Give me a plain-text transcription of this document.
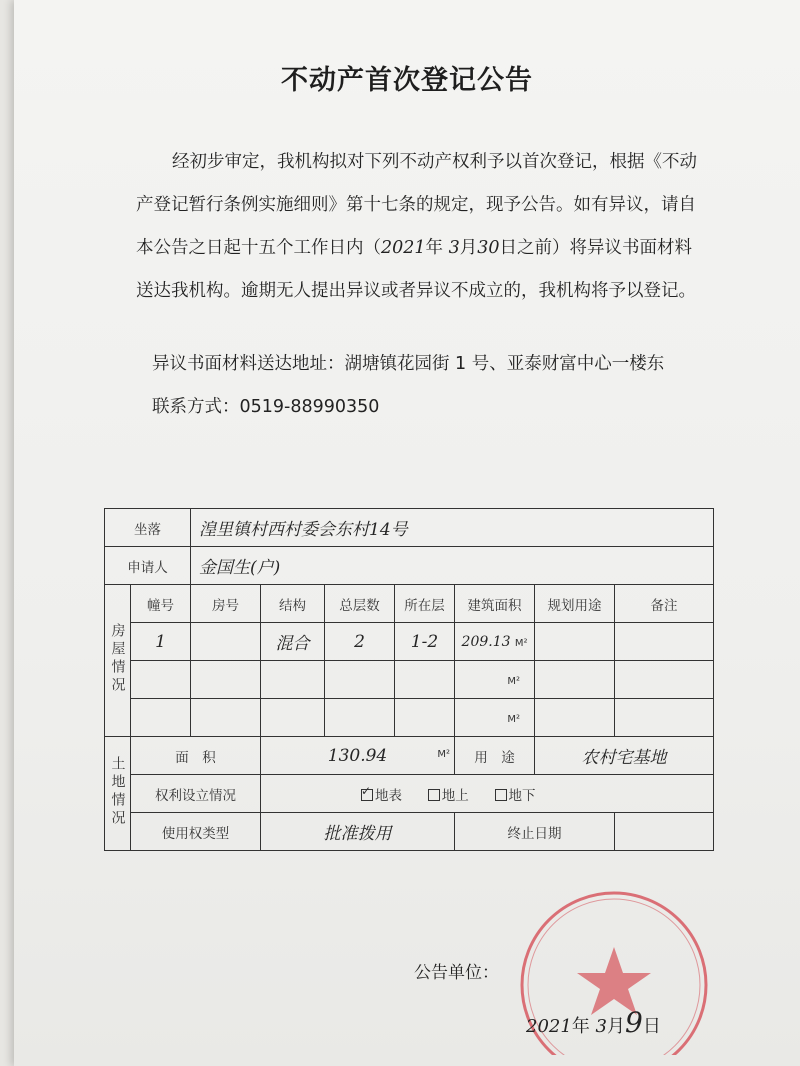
不动产首次登记公告
经初步审定，我机构拟对下列不动产权利予以首次登记，根据《不动产登记暂行条例实施细则》第十七条的规定，现予公告。如有异议，请自本公告之日起十五个工作日内（2021年 3月30日之前）将异议书面材料送达我机构。逾期无人提出异议或者异议不成立的，我机构将予以登记。
异议书面材料送达地址：湖塘镇花园街 1 号、亚泰财富中心一楼东
联系方式：0519-88990350
坐落		湟里镇村西村委会东村14号						
申请人		金国生(户)						
房屋情况	幢号	房号	结构	总层数	所在层	建筑面积	规划用途	备注
	1		混合	2	1-2	209.13 M²		
						M²		
						M²		
土地情况	面　积		130.94 M²			用　途	农村宅基地	
	权利设立情况	✓地表 地上 地下
	使用权类型		批准拨用			终止日期		
公告单位：
2021年 3月9日
